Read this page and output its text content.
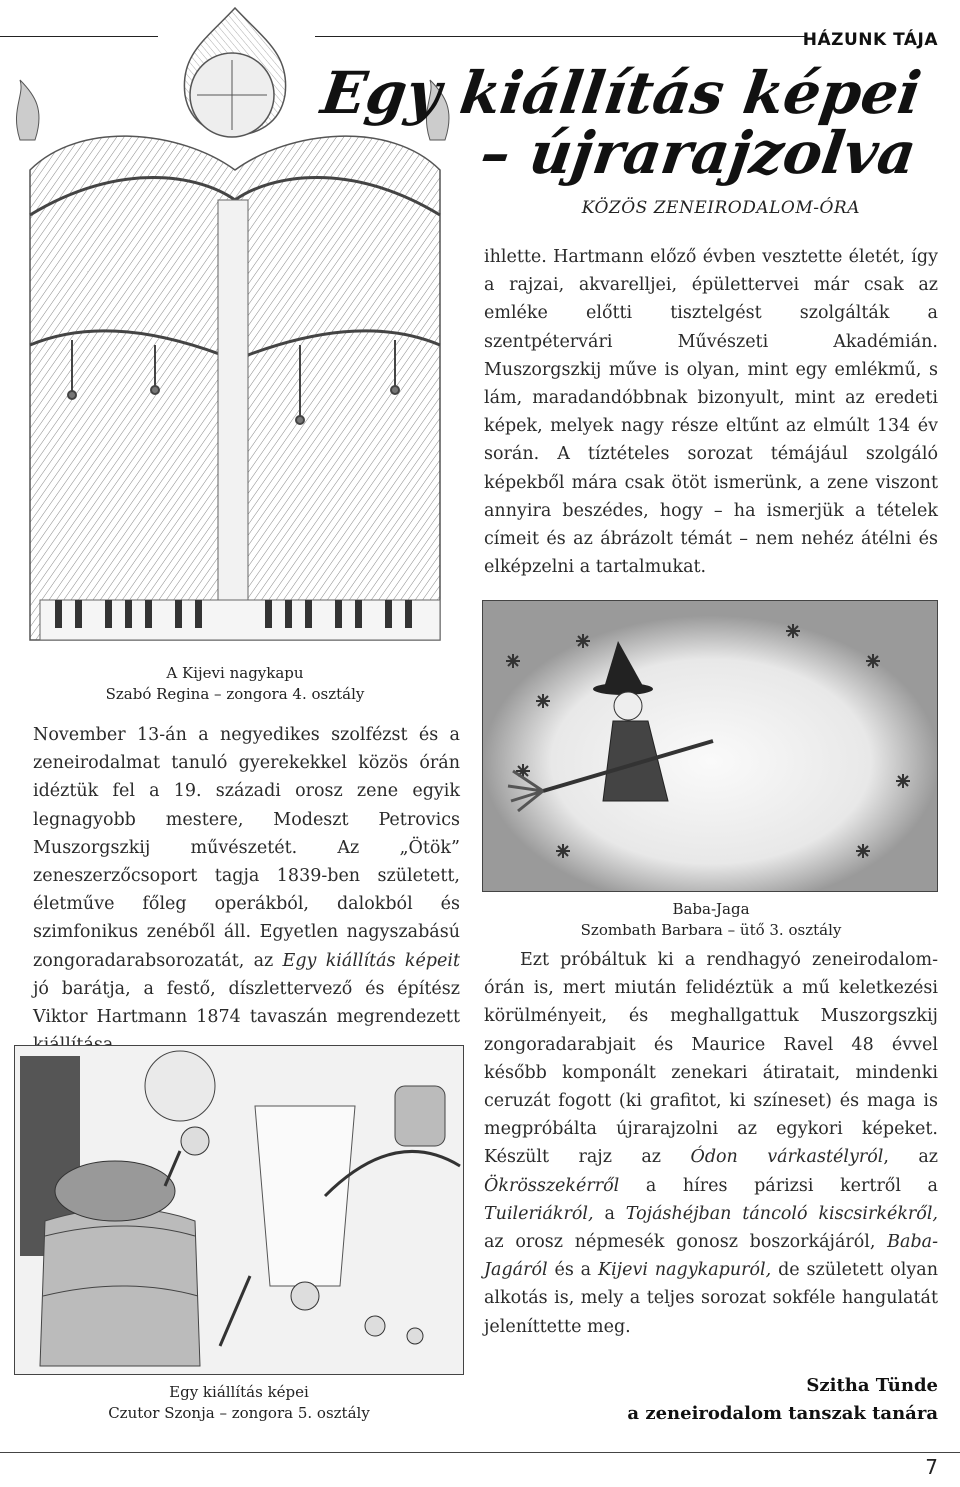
HÁZUNK TÁJA
Egy kiállítás képei
– újrarajzolva
KÖZÖS ZENEIRODALOM-ÓRA

ihlette. Hartmann előző évben vesztette életét, így a rajzai, akvarelljei, épülettervei már csak az emléke előtti tisztelgést szolgálták a szentpétervári Művészeti Akadémián. Muszorgszkij műve is olyan, mint egy emlékmű, s lám, maradandóbbnak bizonyult, mint az eredeti képek, melyek nagy része eltűnt az elmúlt 134 év során. A tíztételes sorozat témájául szolgáló képekből mára csak ötöt ismerünk, a zene viszont annyira beszédes, hogy – ha ismerjük a tételek címeit és az ábrázolt témát – nem nehéz átélni és elképzelni a tartalmukat.

A Kijevi nagykapu
Szabó Regina – zongora 4. osztály
Baba-Jaga
Szombath Barbara – ütő 3. osztály

November 13-án a negyedikes szolfézst és a zeneirodalmat tanuló gyerekekkel közös órán idéztük fel a 19. századi orosz zene egyik legnagyobb mestere, Modeszt Petrovics Muszorgszkij művészetét. Az „Ötök” zeneszerzőcsoport tagja 1839-ben született, életműve főleg operákból, dalokból és szimfonikus zenéből áll. Egyetlen nagyszabású zongoradarabsorozatát, az Egy kiállítás képeit jó barátja, a festő, díszlettervező és építész Viktor Hartmann 1874 tavaszán megrendezett

Egy kiállítás képei
Czutor Szonja – zongora 5. osztály

Ezt próbáltuk ki a rendhagyó zeneirodalom-órán is, mert miután felidéztük a mű keletkezési körülményeit, és meghallgattuk Muszorgszkij zongoradarabjait és Maurice Ravel 48 évvel később komponált zenekari átiratait, mindenki ceruzát fogott (ki grafitot, ki színeset) és maga is megpróbálta újrarajzolni az egykori képeket. Készült rajz az Ódon várkastélyról, az Ökrösszekérről a híres párizsi kertről a Tuileriákról, a Tojáshéjban táncoló kiscsirkékről, az orosz népmesék gonosz boszorkájáról, Baba-Jagáról és a Kijevi nagykapuról, de született olyan alkotás is, mely a teljes sorozat sokféle hangulatát jeleníttette meg.

Szitha Tünde
a zeneirodalom tanszak tanára
7
